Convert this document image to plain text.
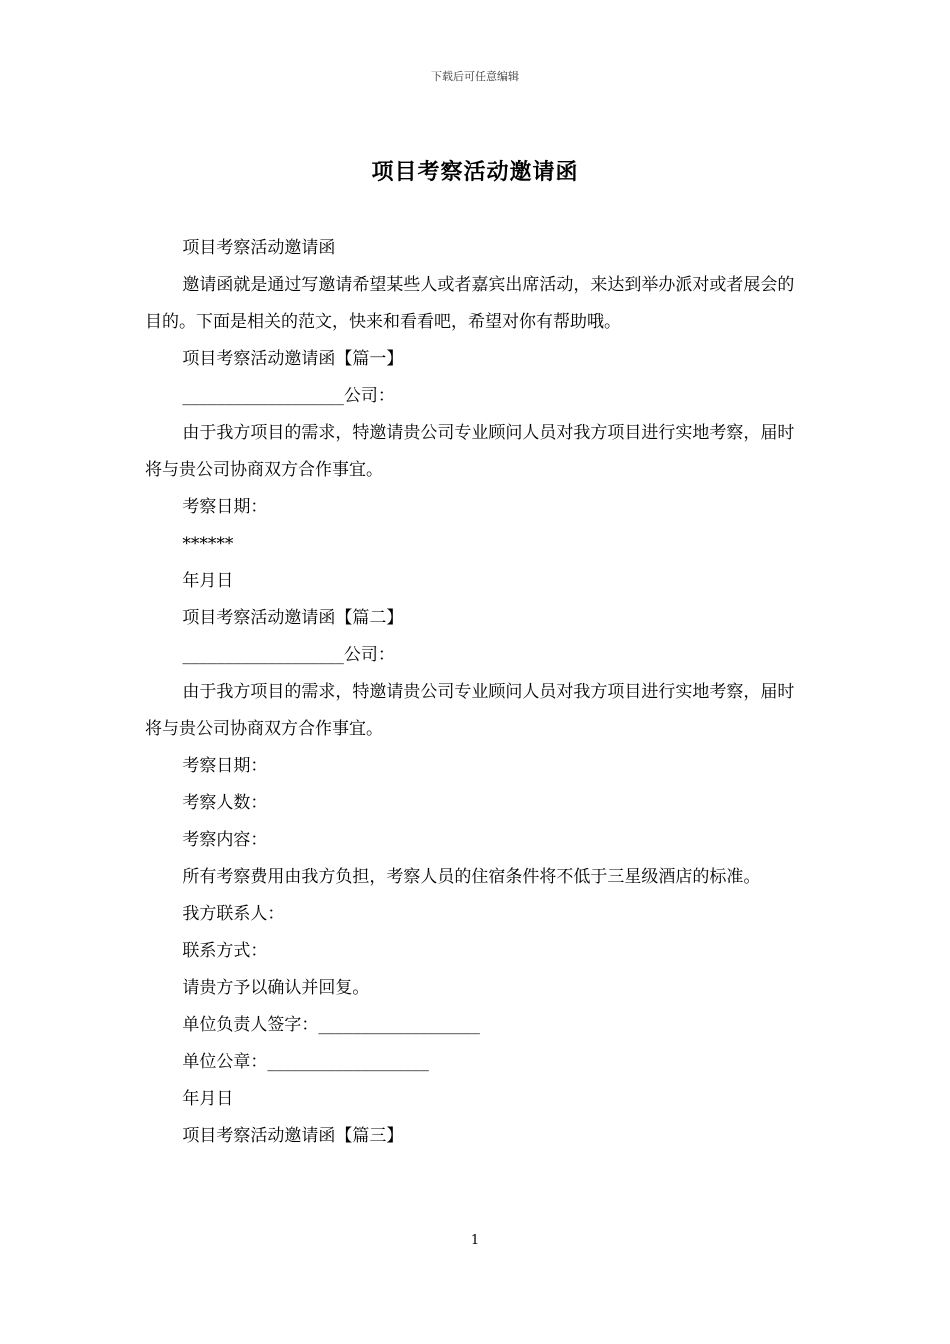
下载后可任意编辑
项目考察活动邀请函

项目考察活动邀请函

邀请函就是通过写邀请希望某些人或者嘉宾出席活动，来达到举办派对或者展会的目的。下面是相关的范文，快来和看看吧，希望对你有帮助哦。

项目考察活动邀请函【篇一】

___________________公司：

由于我方项目的需求，特邀请贵公司专业顾问人员对我方项目进行实地考察，届时将与贵公司协商双方合作事宜。

考察日期：

******

年月日

项目考察活动邀请函【篇二】

___________________公司：

由于我方项目的需求，特邀请贵公司专业顾问人员对我方项目进行实地考察，届时将与贵公司协商双方合作事宜。

考察日期：

考察人数：

考察内容：

所有考察费用由我方负担，考察人员的住宿条件将不低于三星级酒店的标准。

我方联系人：

联系方式：

请贵方予以确认并回复。

单位负责人签字：___________________

单位公章：___________________

年月日

项目考察活动邀请函【篇三】

1
